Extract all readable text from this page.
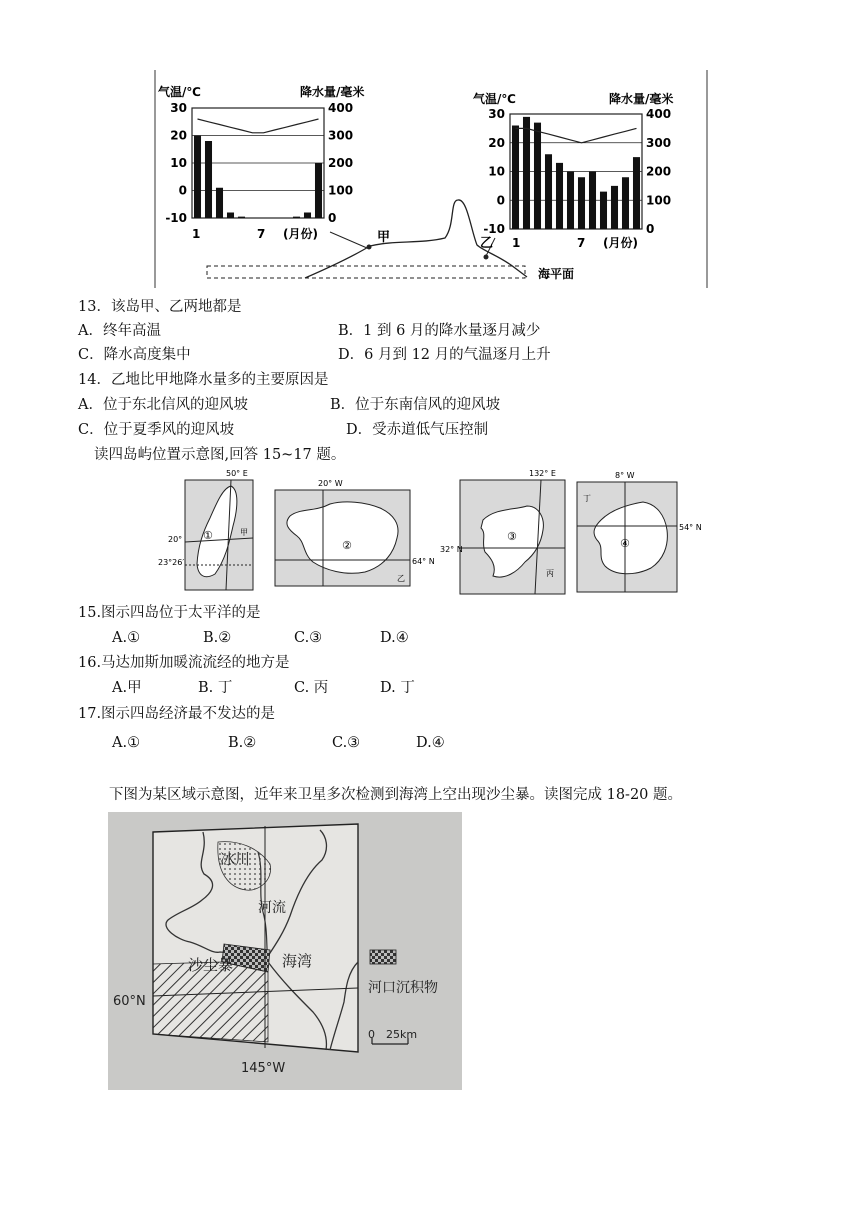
气温/℃	降水量/毫米
30
20
10
0
-10
400
300
200
100
0
1	7 (月份)
气温/℃	降水量/毫米
30
20
10
0
-10
400
300
200
100
0
1	7 (月份)
甲	乙
海平面
13．该岛甲、乙两地都是
A．终年高温	B．1 到 6 月的降水量逐月减少
C．降水高度集中	D．6 月到 12 月的气温逐月上升
14．乙地比甲地降水量多的主要原因是
A．位于东北信风的迎风坡	B．位于东南信风的迎风坡
C．位于夏季风的迎风坡	D．受赤道低气压控制
读四岛屿位置示意图,回答 15~17 题。
50° E
20°
23°26′
①	甲
20° W
64° N
②
乙
132° E
32° N
③
丙
8° W
54° N
④
丁
15.图示四岛位于太平洋的是
A.①	B.②	C.③	D.④
16.马达加斯加暖流流经的地方是
A.甲	B. 丁	C. 丙	D. 丁
17.图示四岛经济最不发达的是
A.①	B.②	C.③	D.④
下图为某区域示意图，近年来卫星多次检测到海湾上空出现沙尘暴。读图完成 18-20 题。
冰川
河流
沙尘暴	海湾
60°N
145°W
河口沉积物
0 25km
